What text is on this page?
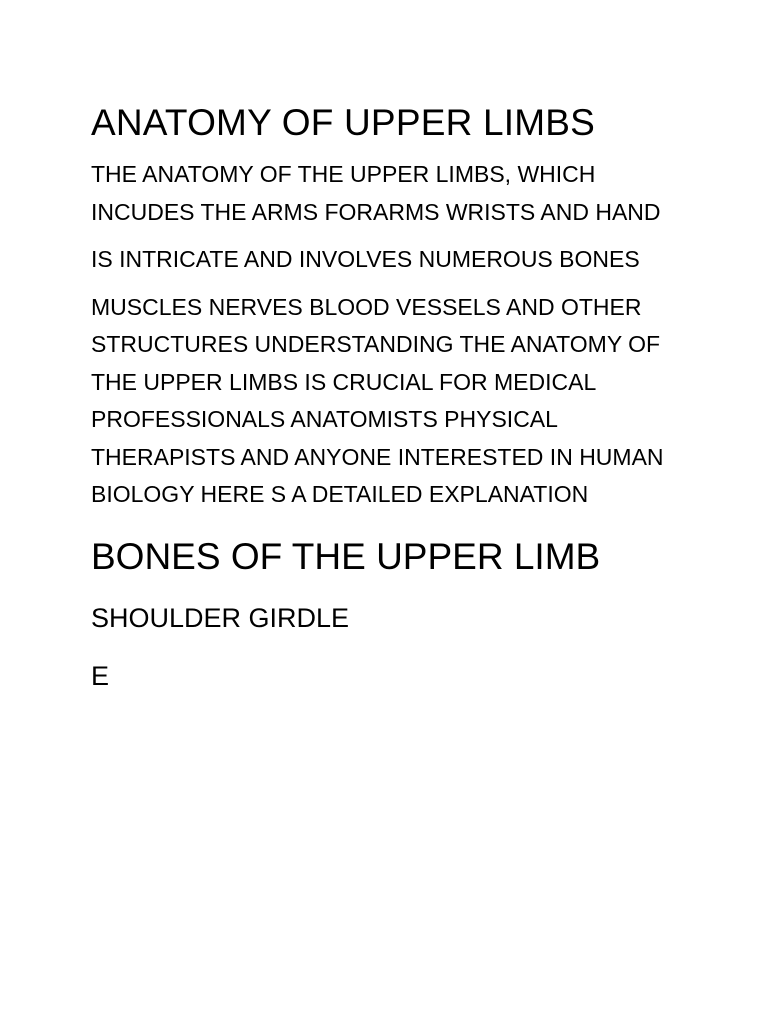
ANATOMY OF UPPER LIMBS

THE ANATOMY OF THE UPPER LIMBS, WHICH
INCUDES THE ARMS FORARMS WRISTS AND HAND

IS INTRICATE AND INVOLVES NUMEROUS BONES

MUSCLES NERVES BLOOD VESSELS AND OTHER
STRUCTURES UNDERSTANDING THE ANATOMY OF
THE UPPER LIMBS IS CRUCIAL FOR MEDICAL
PROFESSIONALS ANATOMISTS PHYSICAL
THERAPISTS AND ANYONE INTERESTED IN HUMAN
BIOLOGY HERE S A DETAILED EXPLANATION

BONES OF THE UPPER LIMB
SHOULDER GIRDLE

E
